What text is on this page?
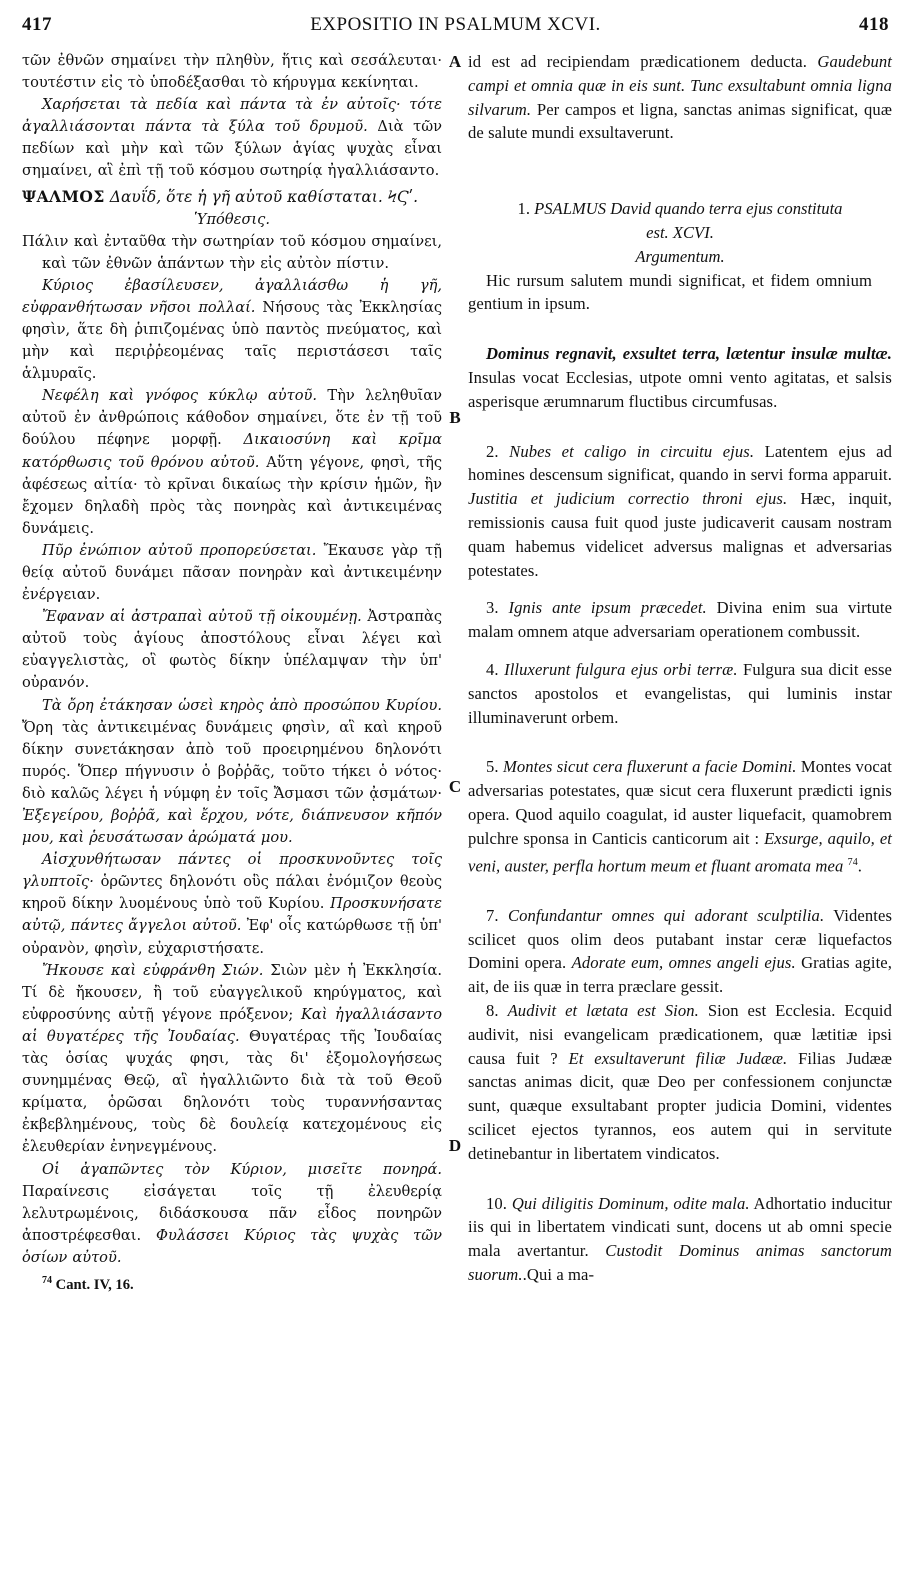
417	EXPOSITIO IN PSALMUM XCVI.	418
A
B
C
D

τῶν ἐθνῶν σημαίνει τὴν πληθὺν, ἥτις καὶ σεσάλευται· τουτέστιν εἰς τὸ ὑποδέξασθαι τὸ κήρυγμα κεκίνηται.

Χαρήσεται τὰ πεδία καὶ πάντα τὰ ἐν αὐτοῖς· τότε ἀγαλλιάσονται πάντα τὰ ξύλα τοῦ δρυμοῦ. Διὰ τῶν πεδίων καὶ μὴν καὶ τῶν ξύλων ἁγίας ψυχὰς εἶναι σημαίνει, αἳ ἐπὶ τῇ τοῦ κόσμου σωτηρίᾳ ἠγαλλιάσαντο.

ΨΑΛΜΟΣ Δαυΐδ, ὅτε ἡ γῆ αὐτοῦ καθίσταται. ϞϚʹ.
Ὑπόθεσις.

Πάλιν καὶ ἐνταῦθα τὴν σωτηρίαν τοῦ κόσμου σημαίνει, καὶ τῶν ἐθνῶν ἁπάντων τὴν εἰς αὐτὸν πίστιν.

Κύριος ἐβασίλευσεν, ἀγαλλιάσθω ἡ γῆ, εὐφρανθήτωσαν νῆσοι πολλαί. Νήσους τὰς Ἐκκλησίας φησὶν, ἅτε δὴ ῥιπιζομένας ὑπὸ παντὸς πνεύματος, καὶ μὴν καὶ περιῤῥεομένας ταῖς περιστάσεσι ταῖς ἁλμυραῖς.

Νεφέλη καὶ γνόφος κύκλῳ αὐτοῦ. Τὴν λεληθυῖαν αὐτοῦ ἐν ἀνθρώποις κάθοδον σημαίνει, ὅτε ἐν τῇ τοῦ δούλου πέφηνε μορφῇ. Δικαιοσύνη καὶ κρῖμα κατόρθωσις τοῦ θρόνου αὐτοῦ. Αὕτη γέγονε, φησὶ, τῆς ἀφέσεως αἰτία· τὸ κρῖναι δικαίως τὴν κρίσιν ἡμῶν, ἣν ἔχομεν δηλαδὴ πρὸς τὰς πονηρὰς καὶ ἀντικειμένας δυνάμεις.

Πῦρ ἐνώπιον αὐτοῦ προπορεύσεται. Ἔκαυσε γὰρ τῇ θείᾳ αὐτοῦ δυνάμει πᾶσαν πονηρὰν καὶ ἀντικειμένην ἐνέργειαν.

Ἔφαναν αἱ ἀστραπαὶ αὐτοῦ τῇ οἰκουμένῃ. Ἀστραπὰς αὐτοῦ τοὺς ἁγίους ἀποστόλους εἶναι λέγει καὶ εὐαγγελιστὰς, οἳ φωτὸς δίκην ὑπέλαμψαν τὴν ὑπ' οὐρανόν.

Τὰ ὄρη ἐτάκησαν ὡσεὶ κηρὸς ἀπὸ προσώπου Κυρίου. Ὄρη τὰς ἀντικειμένας δυνάμεις φησὶν, αἳ καὶ κηροῦ δίκην συνετάκησαν ἀπὸ τοῦ προειρημένου δηλονότι πυρός. Ὅπερ πήγνυσιν ὁ βοῤῥᾶς, τοῦτο τήκει ὁ νότος· διὸ καλῶς λέγει ἡ νύμφη ἐν τοῖς Ἄσμασι τῶν ᾀσμάτων· Ἐξεγείρου, βοῤῥᾶ, καὶ ἔρχου, νότε, διάπνευσον κῆπόν μου, καὶ ῥευσάτωσαν ἀρώματά μου.

Αἰσχυνθήτωσαν πάντες οἱ προσκυνοῦντες τοῖς γλυπτοῖς· ὁρῶντες δηλονότι οὓς πάλαι ἐνόμιζον θεοὺς κηροῦ δίκην λυομένους ὑπὸ τοῦ Κυρίου. Προσκυνήσατε αὐτῷ, πάντες ἄγγελοι αὐτοῦ. Ἐφ' οἷς κατώρθωσε τῇ ὑπ' οὐρανὸν, φησὶν, εὐχαριστήσατε.

Ἤκουσε καὶ εὐφράνθη Σιών. Σιὼν μὲν ἡ Ἐκκλησία. Τί δὲ ἤκουσεν, ἢ τοῦ εὐαγγελικοῦ κηρύγματος, καὶ εὐφροσύνης αὐτῇ γέγονε πρόξενον; Καὶ ἠγαλλιάσαντο αἱ θυγατέρες τῆς Ἰουδαίας. Θυγατέρας τῆς Ἰουδαίας τὰς ὁσίας ψυχάς φησι, τὰς δι' ἐξομολογήσεως συνημμένας Θεῷ, αἳ ἠγαλλιῶντο διὰ τὰ τοῦ Θεοῦ κρίματα, ὁρῶσαι δηλονότι τοὺς τυραννήσαντας ἐκβεβλημένους, τοὺς δὲ δουλείᾳ κατεχομένους εἰς ἐλευθερίαν ἐνηνεγμένους.

Οἱ ἀγαπῶντες τὸν Κύριον, μισεῖτε πονηρά. Παραίνεσις εἰσάγεται τοῖς τῇ ἐλευθερίᾳ λελυτρωμένοις, διδάσκουσα πᾶν εἶδος πονηρῶν ἀποστρέφεσθαι. Φυλάσσει Κύριος τὰς ψυχὰς τῶν ὁσίων αὐτοῦ.

$^{74}$ Cant. IV, 16.

id est ad recipiendam prædicationem deducta. Gaudebunt campi et omnia quæ in eis sunt. Tunc exsultabunt omnia ligna silvarum. Per campos et ligna, sanctas animas significat, quæ de salute mundi exsultaverunt.

1. PSALMUS David quando terra ejus constituta est. XCVI.
Argumentum.

Hic rursum salutem mundi significat, et fidem omnium gentium in ipsum.

Dominus regnavit, exsultet terra, lætentur insulæ multæ. Insulas vocat Ecclesias, utpote omni vento agitatas, et salsis asperisque ærumnarum fluctibus circumfusas.

2. Nubes et caligo in circuitu ejus. Latentem ejus ad homines descensum significat, quando in servi forma apparuit. Justitia et judicium correctio throni ejus. Hæc, inquit, remissionis causa fuit quod juste judicaverit causam nostram quam habemus videlicet adversus malignas et adversarias potestates.

3. Ignis ante ipsum præcedet. Divina enim sua virtute malam omnem atque adversariam operationem combussit.

4. Illuxerunt fulgura ejus orbi terræ. Fulgura sua dicit esse sanctos apostolos et evangelistas, qui luminis instar illuminaverunt orbem.

5. Montes sicut cera fluxerunt a facie Domini. Montes vocat adversarias potestates, quæ sicut cera fluxerunt prædicti ignis opera. Quod aquilo coagulat, id auster liquefacit, quamobrem pulchre sponsa in Canticis canticorum ait : Exsurge, aquilo, et veni, auster, perfla hortum meum et fluant aromata mea $^{74}$.

7. Confundantur omnes qui adorant sculptilia. Videntes scilicet quos olim deos putabant instar ceræ liquefactos Domini opera. Adorate eum, omnes angeli ejus. Gratias agite, ait, de iis quæ in terra præclare gessit.

8. Audivit et lætata est Sion. Sion est Ecclesia. Ecquid audivit, nisi evangelicam prædicationem, quæ lætitiæ ipsi causa fuit ? Et exsultaverunt filiæ Judææ. Filias Judææ sanctas animas dicit, quæ Deo per confessionem conjunctæ sunt, quæque exsultabant propter judicia Domini, videntes scilicet ejectos tyrannos, eos autem qui in servitute detinebantur in libertatem vindicatos.

10. Qui diligitis Dominum, odite mala. Adhortatio inducitur iis qui in libertatem vindicati sunt, docens ut ab omni specie mala avertantur. Custodit Dominus animas sanctorum suorum..Qui a ma-
